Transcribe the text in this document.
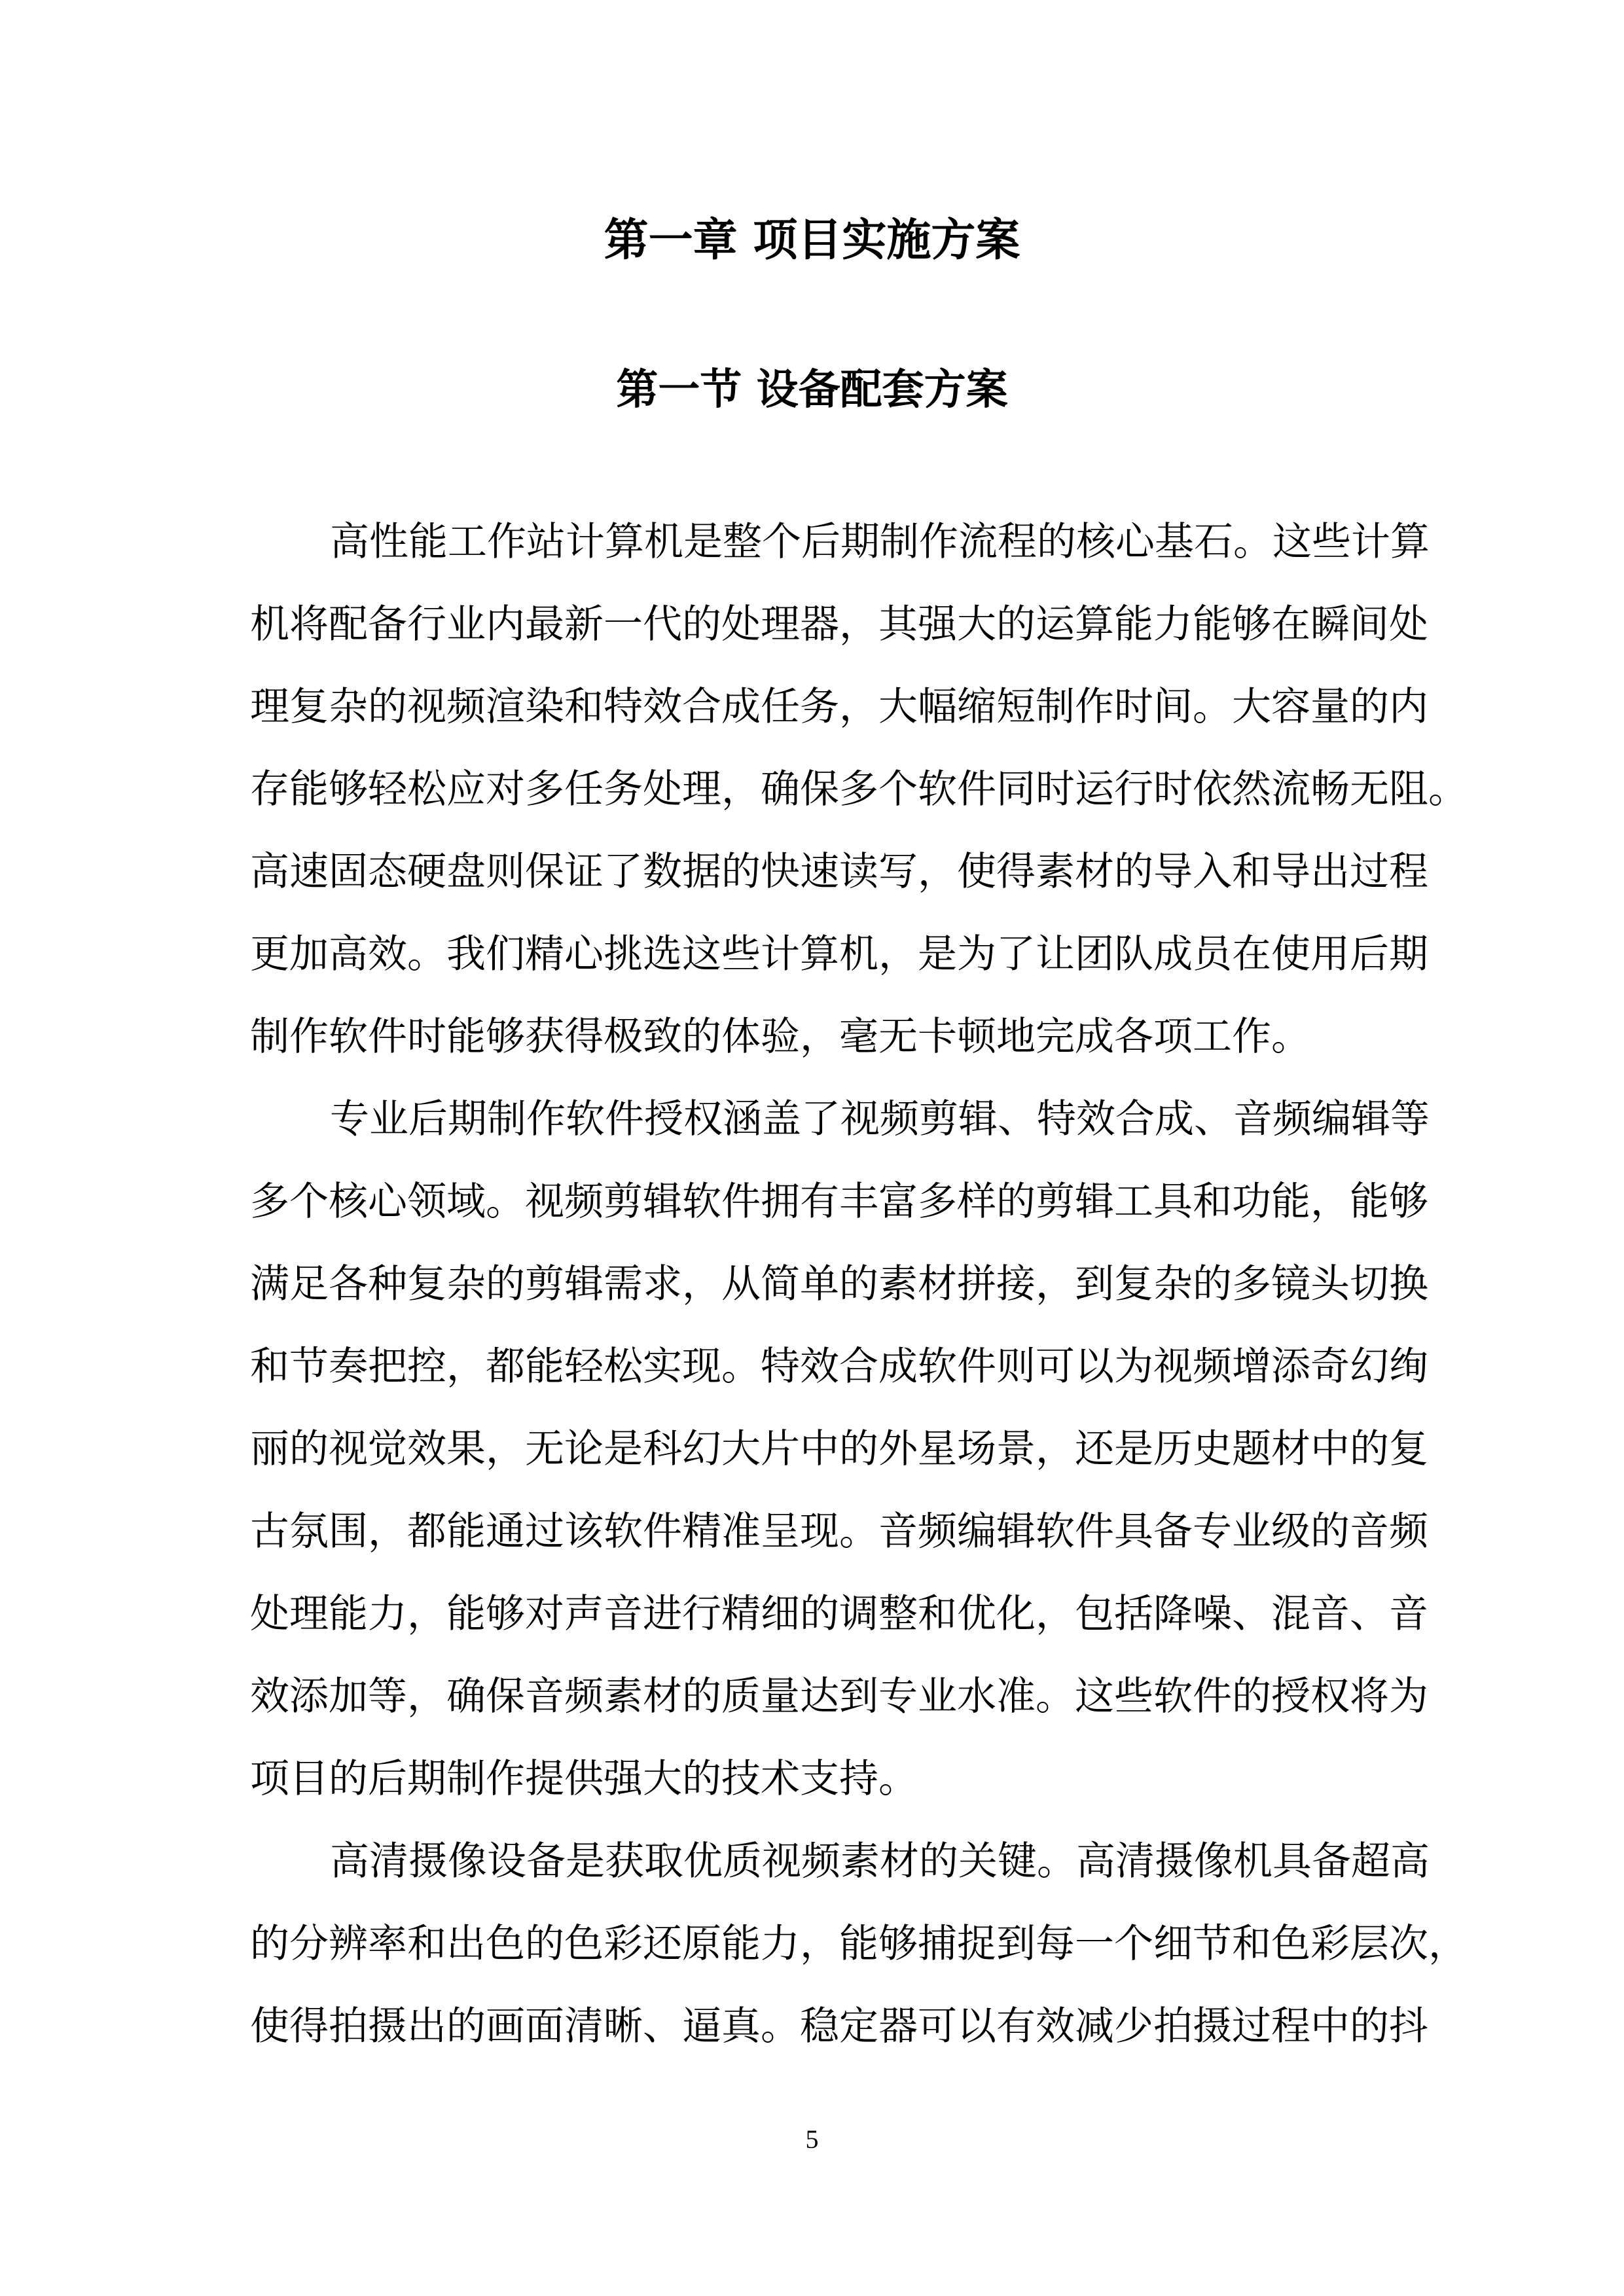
第一章 项目实施方案
第一节 设备配套方案
高性能工作站计算机是整个后期制作流程的核心基石。这些计算
机将配备行业内最新一代的处理器，其强大的运算能力能够在瞬间处
理复杂的视频渲染和特效合成任务，大幅缩短制作时间。大容量的内
存能够轻松应对多任务处理，确保多个软件同时运行时依然流畅无阻。
高速固态硬盘则保证了数据的快速读写，使得素材的导入和导出过程
更加高效。我们精心挑选这些计算机，是为了让团队成员在使用后期
制作软件时能够获得极致的体验，毫无卡顿地完成各项工作。
专业后期制作软件授权涵盖了视频剪辑、特效合成、音频编辑等
多个核心领域。视频剪辑软件拥有丰富多样的剪辑工具和功能，能够
满足各种复杂的剪辑需求，从简单的素材拼接，到复杂的多镜头切换
和节奏把控，都能轻松实现。特效合成软件则可以为视频增添奇幻绚
丽的视觉效果，无论是科幻大片中的外星场景，还是历史题材中的复
古氛围，都能通过该软件精准呈现。音频编辑软件具备专业级的音频
处理能力，能够对声音进行精细的调整和优化，包括降噪、混音、音
效添加等，确保音频素材的质量达到专业水准。这些软件的授权将为
项目的后期制作提供强大的技术支持。
高清摄像设备是获取优质视频素材的关键。高清摄像机具备超高
的分辨率和出色的色彩还原能力，能够捕捉到每一个细节和色彩层次，
使得拍摄出的画面清晰、逼真。稳定器可以有效减少拍摄过程中的抖
5
